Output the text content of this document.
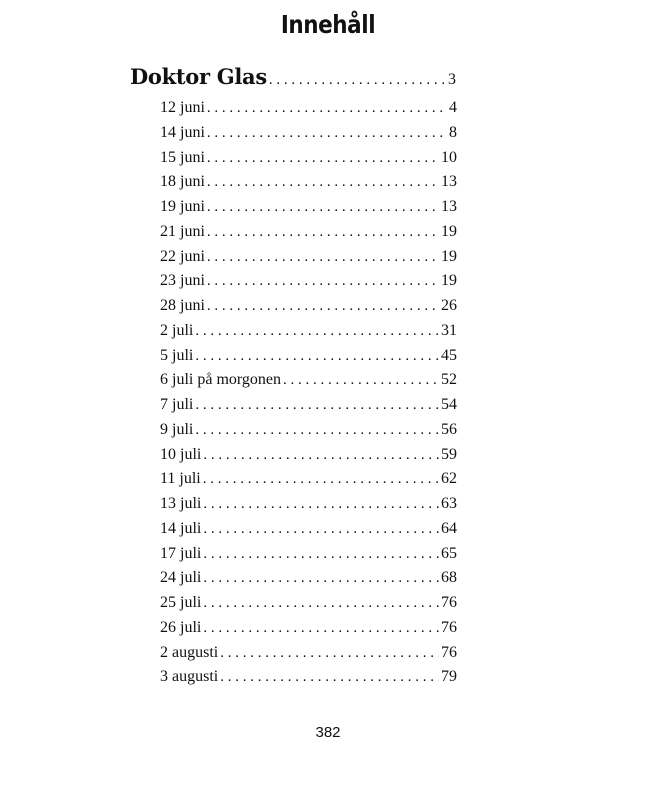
Innehåll
Doktor Glas . . .	3
12 juni . . .	4
14 juni . . .	8
15 juni . . .	10
18 juni . . .	13
19 juni . . .	13
21 juni . . .	19
22 juni . . .	19
23 juni . . .	19
28 juni . . .	26
2 juli . . .	31
5 juli . . .	45
6 juli på morgonen . . .	52
7 juli . . .	54
9 juli . . .	56
10 juli . . .	59
11 juli . . .	62
13 juli . . .	63
14 juli . . .	64
17 juli . . .	65
24 juli . . .	68
25 juli . . .	76
26 juli . . .	76
2 augusti . . .	76
3 augusti . . .	79
382
